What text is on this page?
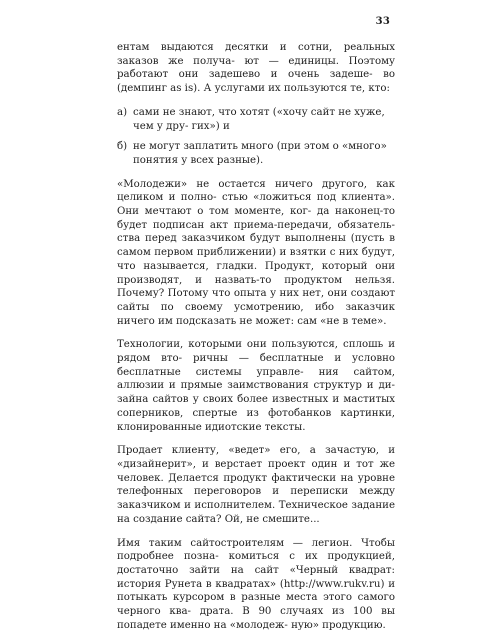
33
ентам выдаются десятки и сотни, реальных заказов же получа- ют — единицы. Поэтому работают они задешево и очень задеше- во (демпинг as is). А услугами их пользуются те, кто:
а) сами не знают, что хотят («хочу сайт не хуже, чем у дру- гих») и
б) не могут заплатить много (при этом о «много» понятия у всех разные).
«Молодежи» не остается ничего другого, как целиком и полно- стью «ложиться под клиента». Они мечтают о том моменте, ког- да наконец-то будет подписан акт приема-передачи, обязатель- ства перед заказчиком будут выполнены (пусть в самом первом приближении) и взятки с них будут, что называется, гладки. Продукт, который они производят, и назвать-то продуктом нельзя. Почему? Потому что опыта у них нет, они создают сайты по своему усмотрению, ибо заказчик ничего им подсказать не может: сам «не в теме».
Технологии, которыми они пользуются, сплошь и рядом вто- ричны — бесплатные и условно бесплатные системы управле- ния сайтом, аллюзии и прямые заимствования структур и ди- зайна сайтов у своих более известных и маститых соперников, спертые из фотобанков картинки, клонированные идиотские тексты.
Продает клиенту, «ведет» его, а зачастую, и «дизайнерит», и верстает проект один и тот же человек. Делается продукт фактически на уровне телефонных переговоров и переписки между заказчиком и исполнителем. Техническое задание на создание сайта? Ой, не смешите...
Имя таким сайтостроителям — легион. Чтобы подробнее позна- комиться с их продукцией, достаточно зайти на сайт «Черный квадрат: история Рунета в квадратах» (http://www.rukv.ru) и потыкать курсором в разные места этого самого черного ква- драта. В 90 случаях из 100 вы попадете именно на «молодеж- ную» продукцию.
